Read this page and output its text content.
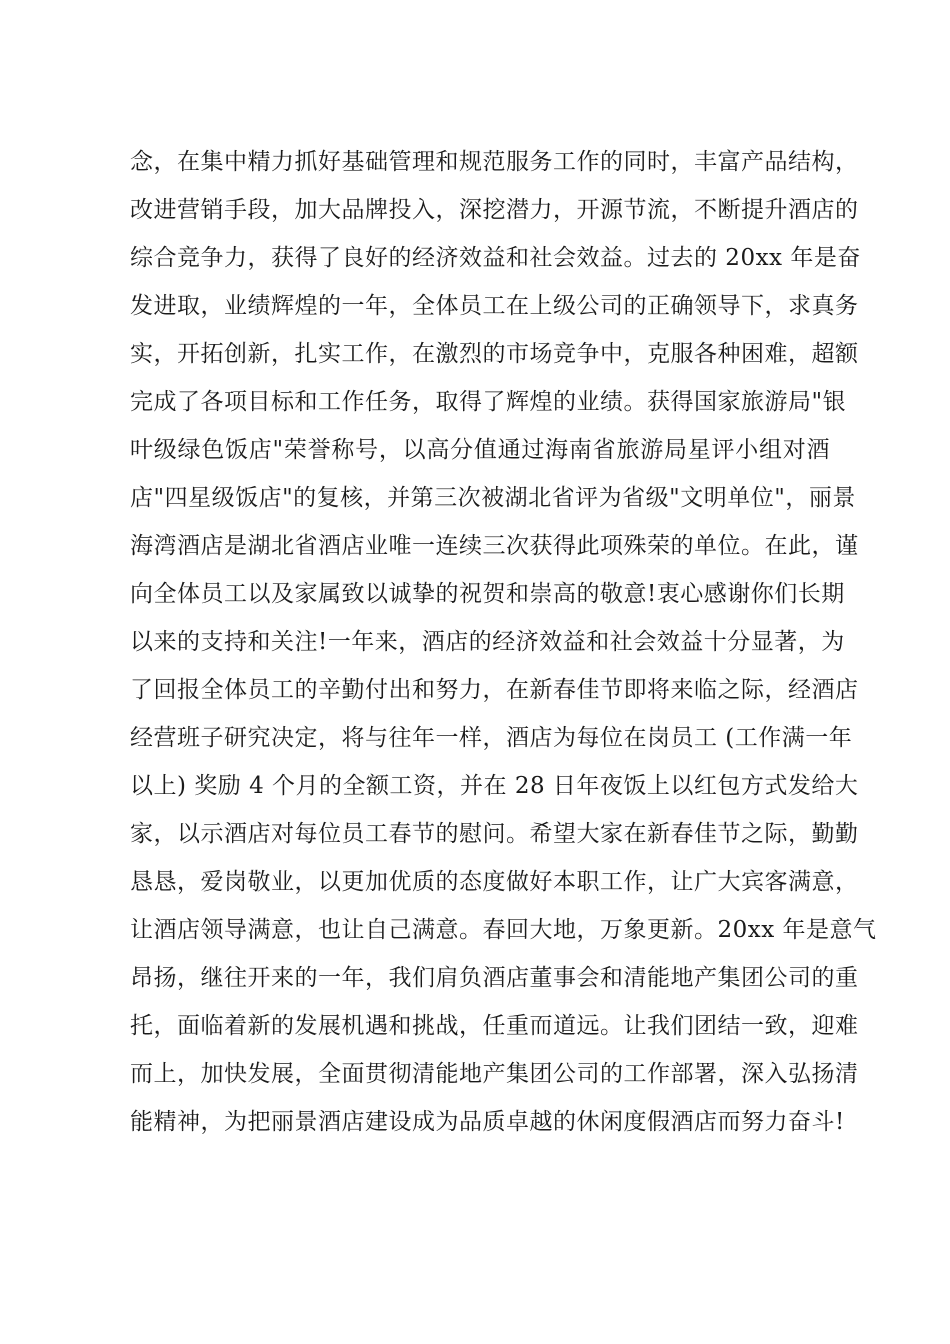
念，在集中精力抓好基础管理和规范服务工作的同时，丰富产品结构，
改进营销手段，加大品牌投入，深挖潜力，开源节流，不断提升酒店的
综合竞争力，获得了良好的经济效益和社会效益。过去的 20xx 年是奋
发进取，业绩辉煌的一年，全体员工在上级公司的正确领导下，求真务
实，开拓创新，扎实工作，在激烈的市场竞争中，克服各种困难，超额
完成了各项目标和工作任务，取得了辉煌的业绩。获得国家旅游局"银
叶级绿色饭店"荣誉称号，以高分值通过海南省旅游局星评小组对酒
店"四星级饭店"的复核，并第三次被湖北省评为省级"文明单位"，丽景
海湾酒店是湖北省酒店业唯一连续三次获得此项殊荣的单位。在此，谨
向全体员工以及家属致以诚挚的祝贺和崇高的敬意!衷心感谢你们长期
以来的支持和关注!一年来，酒店的经济效益和社会效益十分显著，为
了回报全体员工的辛勤付出和努力，在新春佳节即将来临之际，经酒店
经营班子研究决定，将与往年一样，酒店为每位在岗员工 (工作满一年
以上) 奖励 4 个月的全额工资，并在 28 日年夜饭上以红包方式发给大
家，以示酒店对每位员工春节的慰问。希望大家在新春佳节之际，勤勤
恳恳，爱岗敬业，以更加优质的态度做好本职工作，让广大宾客满意，
让酒店领导满意，也让自己满意。春回大地，万象更新。20xx 年是意气
昂扬，继往开来的一年，我们肩负酒店董事会和清能地产集团公司的重
托，面临着新的发展机遇和挑战，任重而道远。让我们团结一致，迎难
而上，加快发展，全面贯彻清能地产集团公司的工作部署，深入弘扬清
能精神，为把丽景酒店建设成为品质卓越的休闲度假酒店而努力奋斗!
